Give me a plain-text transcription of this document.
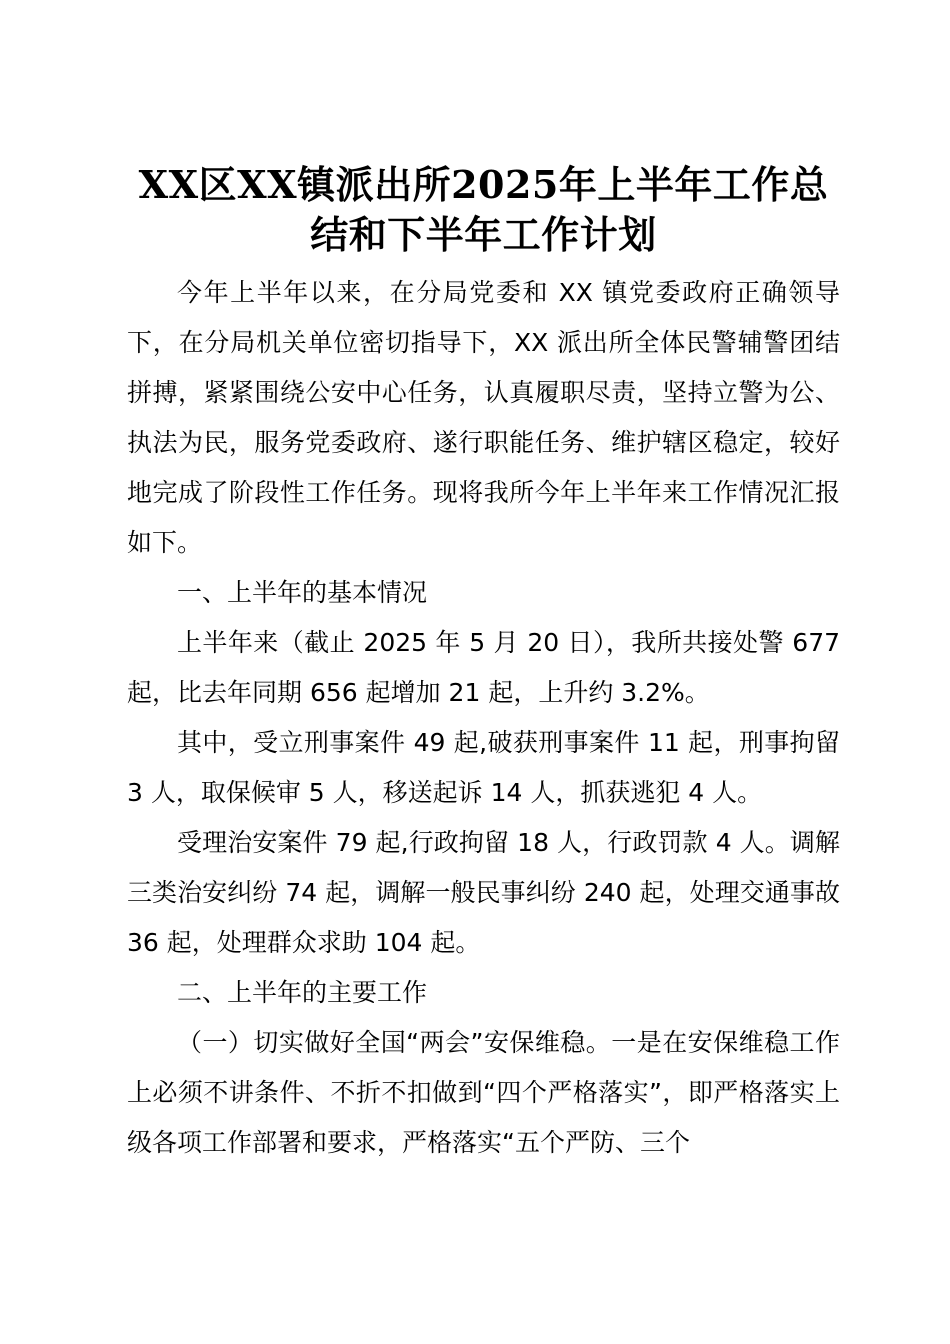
XX区XX镇派出所2025年上半年工作总
结和下半年工作计划

今年上半年以来，在分局党委和 XX 镇党委政府正确领导下，在分局机关单位密切指导下，XX 派出所全体民警辅警团结拼搏，紧紧围绕公安中心任务，认真履职尽责，坚持立警为公、执法为民，服务党委政府、遂行职能任务、维护辖区稳定，较好地完成了阶段性工作任务。现将我所今年上半年来工作情况汇报如下。

一、上半年的基本情况

上半年来（截止 2025 年 5 月 20 日），我所共接处警 677 起，比去年同期 656 起增加 21 起，上升约 3.2%。

其中，受立刑事案件 49 起,破获刑事案件 11 起，刑事拘留 3 人，取保候审 5 人，移送起诉 14 人，抓获逃犯 4 人。

受理治安案件 79 起,行政拘留 18 人，行政罚款 4 人。调解三类治安纠纷 74 起，调解一般民事纠纷 240 起，处理交通事故 36 起，处理群众求助 104 起。

二、上半年的主要工作

（一）切实做好全国“两会”安保维稳。一是在安保维稳工作上必须不讲条件、不折不扣做到“四个严格落实”，即严格落实上级各项工作部署和要求，严格落实“五个严防、三个
